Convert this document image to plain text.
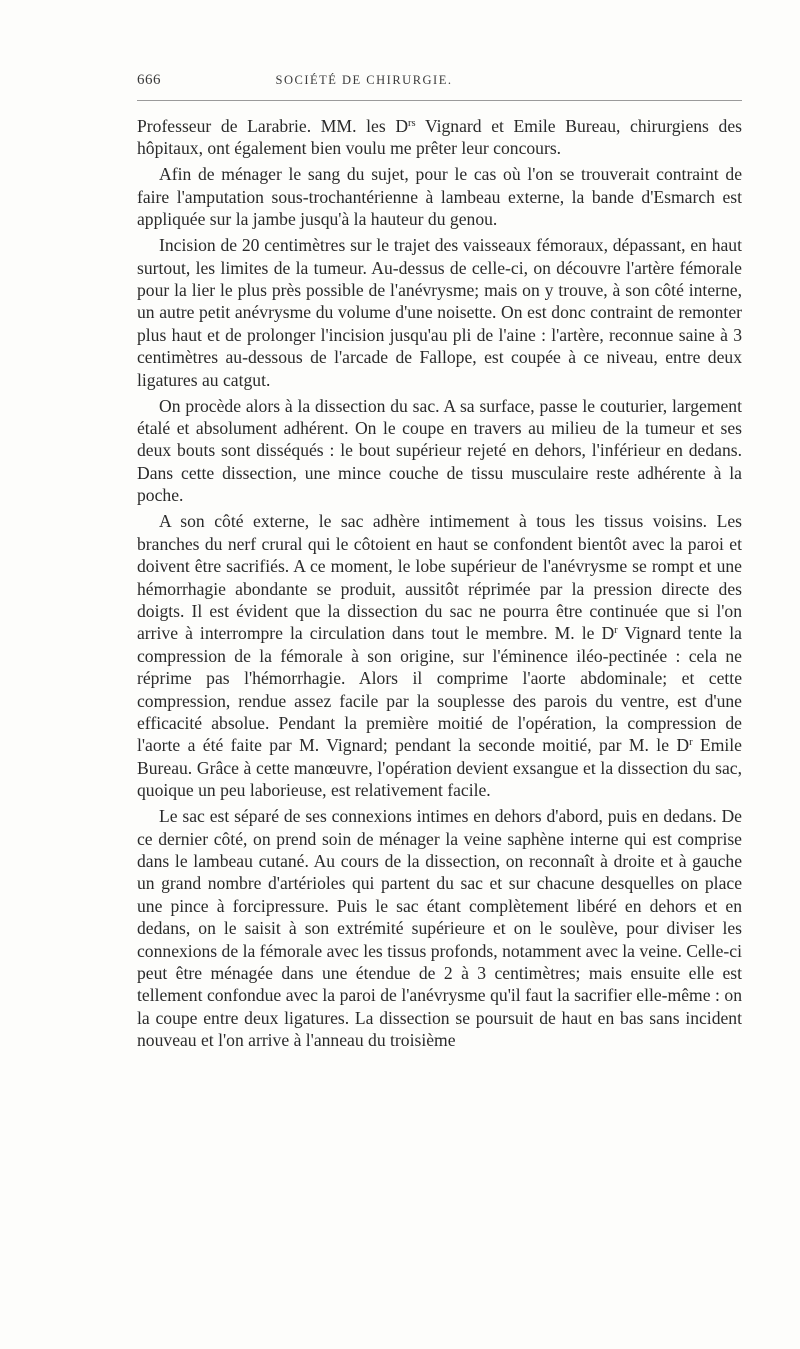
666	SOCIÉTÉ DE CHIRURGIE.

Professeur de Larabrie. MM. les $D^{rs}$ Vignard et Emile Bureau, chirurgiens des hôpitaux, ont également bien voulu me prêter leur concours.

Afin de ménager le sang du sujet, pour le cas où l'on se trouverait contraint de faire l'amputation sous-trochantérienne à lambeau externe, la bande d'Esmarch est appliquée sur la jambe jusqu'à la hauteur du genou.

Incision de 20 centimètres sur le trajet des vaisseaux fémoraux, dépassant, en haut surtout, les limites de la tumeur. Au-dessus de celle-ci, on découvre l'artère fémorale pour la lier le plus près possible de l'anévrysme; mais on y trouve, à son côté interne, un autre petit anévrysme du volume d'une noisette. On est donc contraint de remonter plus haut et de prolonger l'incision jusqu'au pli de l'aine : l'artère, reconnue saine à 3 centimètres au-dessous de l'arcade de Fallope, est coupée à ce niveau, entre deux ligatures au catgut.

On procède alors à la dissection du sac. A sa surface, passe le couturier, largement étalé et absolument adhérent. On le coupe en travers au milieu de la tumeur et ses deux bouts sont disséqués : le bout supérieur rejeté en dehors, l'inférieur en dedans. Dans cette dissection, une mince couche de tissu musculaire reste adhérente à la poche.

A son côté externe, le sac adhère intimement à tous les tissus voisins. Les branches du nerf crural qui le côtoient en haut se confondent bientôt avec la paroi et doivent être sacrifiés. A ce moment, le lobe supérieur de l'anévrysme se rompt et une hémorrhagie abondante se produit, aussitôt réprimée par la pression directe des doigts. Il est évident que la dissection du sac ne pourra être continuée que si l'on arrive à interrompre la circulation dans tout le membre. M. le $D^r$ Vignard tente la compression de la fémorale à son origine, sur l'éminence iléo-pectinée : cela ne réprime pas l'hémorrhagie. Alors il comprime l'aorte abdominale; et cette compression, rendue assez facile par la souplesse des parois du ventre, est d'une efficacité absolue. Pendant la première moitié de l'opération, la compression de l'aorte a été faite par M. Vignard; pendant la seconde moitié, par M. le $D^r$ Emile Bureau. Grâce à cette manœuvre, l'opération devient exsangue et la dissection du sac, quoique un peu laborieuse, est relativement facile.

Le sac est séparé de ses connexions intimes en dehors d'abord, puis en dedans. De ce dernier côté, on prend soin de ménager la veine saphène interne qui est comprise dans le lambeau cutané. Au cours de la dissection, on reconnaît à droite et à gauche un grand nombre d'artérioles qui partent du sac et sur chacune desquelles on place une pince à forcipressure. Puis le sac étant complètement libéré en dehors et en dedans, on le saisit à son extrémité supérieure et on le soulève, pour diviser les connexions de la fémorale avec les tissus profonds, notamment avec la veine. Celle-ci peut être ménagée dans une étendue de 2 à 3 centimètres; mais ensuite elle est tellement confondue avec la paroi de l'anévrysme qu'il faut la sacrifier elle-même : on la coupe entre deux ligatures. La dissection se poursuit de haut en bas sans incident nouveau et l'on arrive à l'anneau du troisième
